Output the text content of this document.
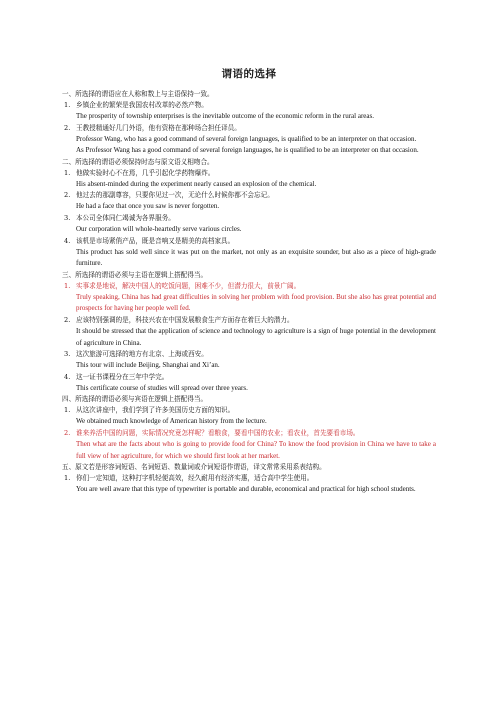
谓语的选择

一、所选择的谓语应在人称和数上与主语保持一致。

1. 乡镇企业的繁荣是我国农村改革的必然产物。

The prosperity of township enterprises is the inevitable outcome of the economic reform in the rural areas.

2. 王教授精通好几门外语，他有资格在那种场合担任译员。

Professor Wang, who has a good command of several foreign languages, is qualified to be an interpreter on that occasion.

As Professor Wang has a good command of several foreign languages, he is qualified to be an interpreter on that occasion.

二、所选择的谓语必须保持时态与原文语义相吻合。

1. 他做实验时心不在焉，几乎引起化学药物爆炸。

His absent-minded during the experiment nearly caused an explosion of the chemical.

2. 他过去的那副尊容，只要你见过一次，无论什么时候你都不会忘记。

He had a face that once you saw is never forgotten.

3. 本公司全体同仁竭诚为各界服务。

Our corporation will whole-heartedly serve various circles.

4. 该机是市场紧俏产品，既是音响又是精美的高档家具。

This product has sold well since it was put on the market, not only as an exquisite sounder, but also as a piece of high-grade furniture.

三、所选择的谓语必须与主语在逻辑上搭配得当。

1. 实事求是地说，解决中国人的吃饭问题，困难不少，但潜力很大，前景广阔。

Truly speaking, China has had great difficulties in solving her problem with food provision. But she also has great potential and prospects for having her people well fed.

2. 应该特别强调的是，科技兴农在中国发展粮食生产方面存在着巨大的潜力。

It should be stressed that the application of science and technology to agriculture is a sign of huge potential in the development of agriculture in China.

3. 这次旅游可选择的地方有北京、上海或西安。

This tour will include Beijing, Shanghai and Xi’an.

4. 这一证书课程分在三年中学完。

This certificate course of studies will spread over three years.

四、所选择的谓语必须与宾语在逻辑上搭配得当。

1. 从这次讲座中，我们学到了许多美国历史方面的知识。

We obtained much knowledge of American history from the lecture.

2. 谁来养活中国的问题，实际情况究竟怎样呢？看粮食，要看中国的农业；看农业，首先要看市场。

Then what are the facts about who is going to provide food for China? To know the food provision in China we have to take a full view of her agriculture, for which we should first look at her market.

五、原文若是形容词短语、名词短语、数量词或介词短语作谓语，译文常常采用系表结构。

1. 你们一定知道，这种打字机轻便高效，经久耐用有经济实惠，适合高中学生使用。

You are well aware that this type of typewriter is portable and durable, economical and practical for high school students.
